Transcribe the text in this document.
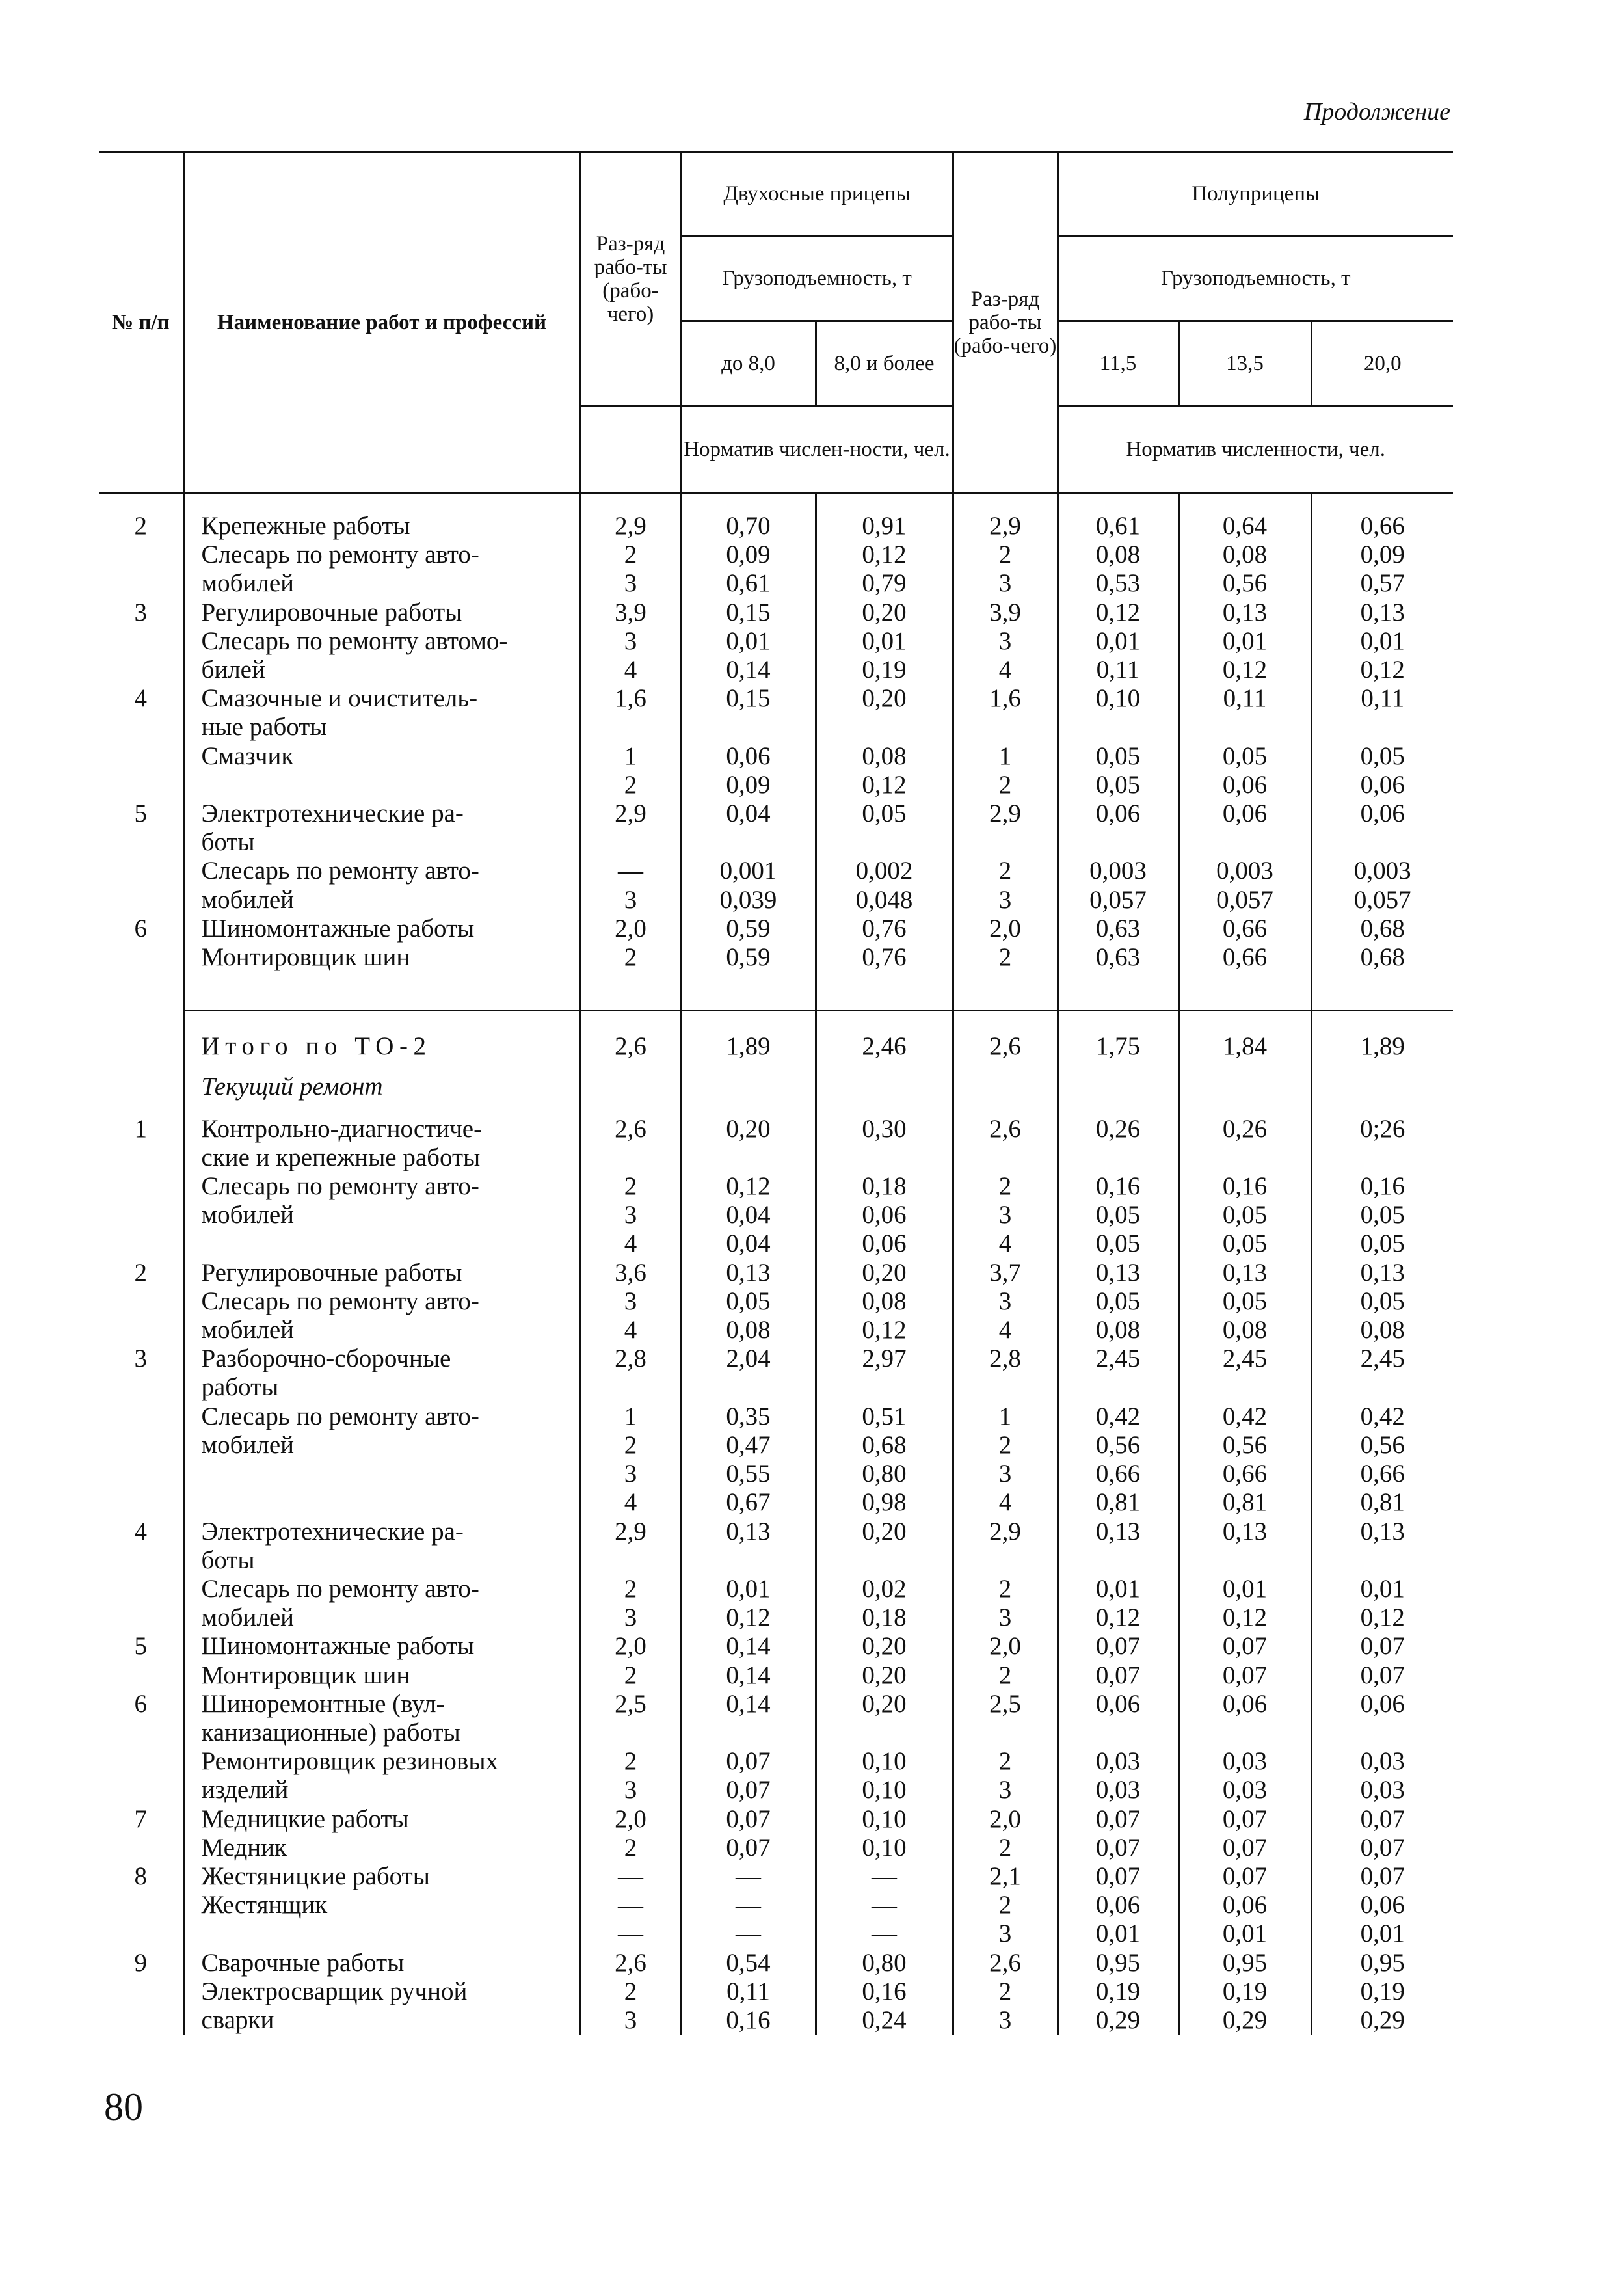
Продолжение
№ п/п	Наименование работ и профессий	Раз-ряд рабо-ты (рабо-чего)	Двухосные прицепы		Раз-ряд рабо-ты (рабо-чего)	Полуприцепы		
			Грузоподъемность, т			Грузоподъемность, т		
			до 8,0	8,0 и более		11,5	13,5	20,0
			Норматив числен-ности, чел.			Норматив численности, чел.		
2	Крепежные работы	2,9	0,70	0,91	2,9	0,61	0,64	0,66
	Слесарь по ремонту авто-	2	0,09	0,12	2	0,08	0,08	0,09
	мобилей	3	0,61	0,79	3	0,53	0,56	0,57
3	Регулировочные работы	3,9	0,15	0,20	3,9	0,12	0,13	0,13
	Слесарь по ремонту автомо-	3	0,01	0,01	3	0,01	0,01	0,01
	билей	4	0,14	0,19	4	0,11	0,12	0,12
4	Смазочные и очиститель-	1,6	0,15	0,20	1,6	0,10	0,11	0,11
	ные работы							
	Смазчик	1	0,06	0,08	1	0,05	0,05	0,05
		2	0,09	0,12	2	0,05	0,06	0,06
5	Электротехнические ра-	2,9	0,04	0,05	2,9	0,06	0,06	0,06
	боты							
	Слесарь по ремонту авто-	—	0,001	0,002	2	0,003	0,003	0,003
	мобилей	3	0,039	0,048	3	0,057	0,057	0,057
6	Шиномонтажные работы	2,0	0,59	0,76	2,0	0,63	0,66	0,68
	Монтировщик шин	2	0,59	0,76	2	0,63	0,66	0,68

	Итого по ТО-2	2,6	1,89	2,46	2,6	1,75	1,84	1,89
	Текущий ремонт							
1	Контрольно-диагностиче-	2,6	0,20	0,30	2,6	0,26	0,26	0;26
	ские и крепежные работы							
	Слесарь по ремонту авто-	2	0,12	0,18	2	0,16	0,16	0,16
	мобилей	3	0,04	0,06	3	0,05	0,05	0,05
		4	0,04	0,06	4	0,05	0,05	0,05
2	Регулировочные работы	3,6	0,13	0,20	3,7	0,13	0,13	0,13
	Слесарь по ремонту авто-	3	0,05	0,08	3	0,05	0,05	0,05
	мобилей	4	0,08	0,12	4	0,08	0,08	0,08
3	Разборочно-сборочные	2,8	2,04	2,97	2,8	2,45	2,45	2,45
	работы							
	Слесарь по ремонту авто-	1	0,35	0,51	1	0,42	0,42	0,42
	мобилей	2	0,47	0,68	2	0,56	0,56	0,56
		3	0,55	0,80	3	0,66	0,66	0,66
		4	0,67	0,98	4	0,81	0,81	0,81
4	Электротехнические ра-	2,9	0,13	0,20	2,9	0,13	0,13	0,13
	боты							
	Слесарь по ремонту авто-	2	0,01	0,02	2	0,01	0,01	0,01
	мобилей	3	0,12	0,18	3	0,12	0,12	0,12
5	Шиномонтажные работы	2,0	0,14	0,20	2,0	0,07	0,07	0,07
	Монтировщик шин	2	0,14	0,20	2	0,07	0,07	0,07
6	Шиноремонтные (вул-	2,5	0,14	0,20	2,5	0,06	0,06	0,06
	канизационные) работы							
	Ремонтировщик резиновых	2	0,07	0,10	2	0,03	0,03	0,03
	изделий	3	0,07	0,10	3	0,03	0,03	0,03
7	Медницкие работы	2,0	0,07	0,10	2,0	0,07	0,07	0,07
	Медник	2	0,07	0,10	2	0,07	0,07	0,07
8	Жестяницкие работы	—	—	—	2,1	0,07	0,07	0,07
	Жестянщик	—	—	—	2	0,06	0,06	0,06
		—	—	—	3	0,01	0,01	0,01
9	Сварочные работы	2,6	0,54	0,80	2,6	0,95	0,95	0,95
	Электросварщик ручной	2	0,11	0,16	2	0,19	0,19	0,19
	сварки	3	0,16	0,24	3	0,29	0,29	0,29
80
